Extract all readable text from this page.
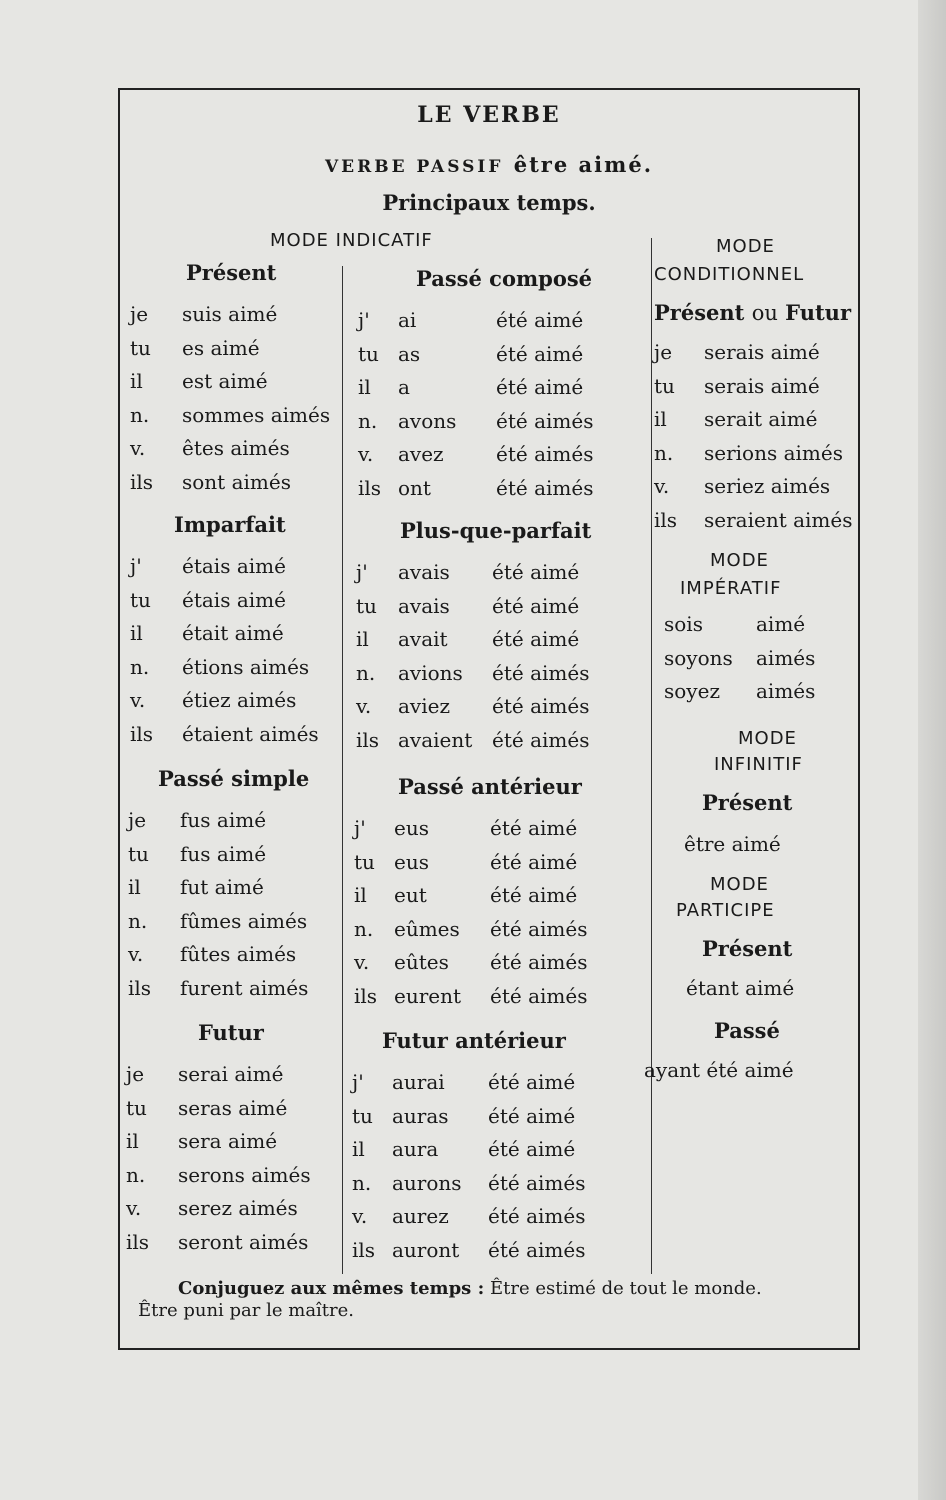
LE VERBE
VERBE PASSIF être aimé.
Principaux temps.
MODE INDICATIF	MODE
CONDITIONNEL
Présent ou Futur
MODE
IMPÉRATIF
MODE
INFINITIF
Présent
être aimé
MODE
PARTICIPE
Présent
étant aimé
Passé
ayant été aimé
Présent
je suis aimé
tu es aimé
il est aimé
n. sommes aimés
v. êtes aimés
ils sont aimés
Passé composé
j' ai	été aimé
tu as	été aimé
il a	été aimé
n. avons été aimés
v. avez	été aimés
ils ont	été aimés
Imparfait
j' étais aimé
tu étais aimé
il était aimé
n. étions aimés
v. étiez aimés
ils étaient aimés
Plus-que-parfait
j' avais été aimé
tu avais été aimé
il avait été aimé
n. avions été aimés
v. aviez été aimés
ils avaient été aimés
Passé simple
je fus aimé
tu fus aimé
il fut aimé
n. fûmes aimés
v. fûtes aimés
ils furent aimés
Passé antérieur
j' eus	été aimé
tu eus	été aimé
il eut	été aimé
n. eûmes été aimés
v. eûtes été aimés
ils eurent été aimés
Futur
je serai aimé
tu seras aimé
il sera aimé
n. serons aimés
v. serez aimés
ils seront aimés
Futur antérieur
j' aurai été aimé
tu auras été aimé
il aura été aimé
n. aurons été aimés
v. aurez été aimés
ils auront été aimés
je serais aimé
tu serais aimé
il serait aimé
n. serions aimés
v. seriez aimés
ils seraient aimés
sois	aimé
soyons aimés
soyez aimés
Conjuguez aux mêmes temps : Être estimé de tout le monde.
Être puni par le maître.
